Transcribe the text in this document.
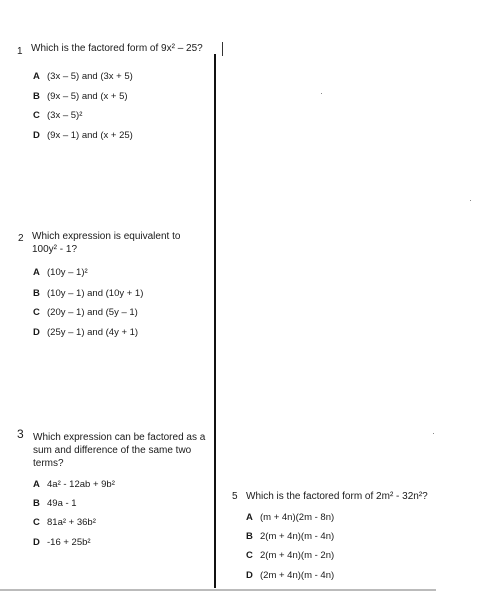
1 Which is the factored form of 9x² – 25?
A (3x – 5) and (3x + 5)
B (9x – 5) and (x + 5)
C (3x – 5)²
D (9x – 1) and (x + 25)
2 Which expression is equivalent to
100y² - 1?
A (10y – 1)²
B (10y – 1) and (10y + 1)
C (20y – 1) and (5y – 1)
D (25y – 1) and (4y + 1)
3 Which expression can be factored as a
sum and difference of the same two
terms?
A 4a² - 12ab + 9b²
B 49a - 1
C 81a² + 36b²
D -16 + 25b²
5 Which is the factored form of 2m² - 32n²?
A (m + 4n)(2m - 8n)
B 2(m + 4n)(m - 4n)
C 2(m + 4n)(m - 2n)
D (2m + 4n)(m - 4n)
